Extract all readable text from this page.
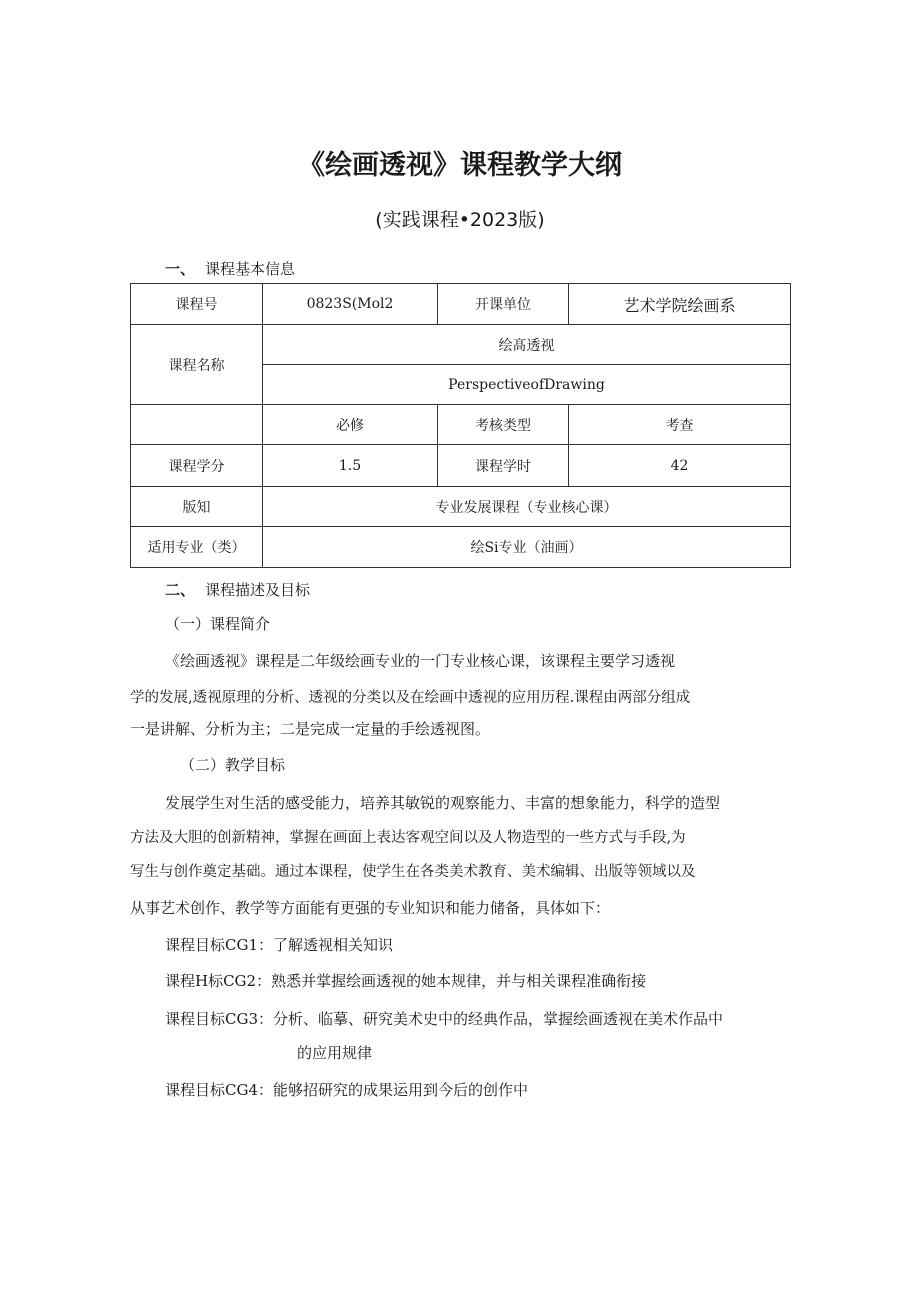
《绘画透视》课程教学大纲
(实践课程•2023版)
一、 课程基本信息
课程号	0823S(Mol2	开课单位	艺术学院绘画系
课程名称	绘髙透视		
	PerspectiveofDrawing		
	必修	考核类型	考查
课程学分	1.5	课程学时	42
版知	专业发展课程（专业核心课）		
适用专业（类）	绘Si专业（油画）		
二、 课程描述及目标
（一）课程简介
《绘画透视》课程是二年级绘画专业的一门专业核心课，该课程主要学习透视
学的发展,透视原理的分析、透视的分类以及在绘画中透视的应用历程.课程由两部分组成
一是讲解、分析为主；二是完成一定量的手绘透视图。
（二）教学目标
发展学生对生活的感受能力，培养其敏锐的观察能力、丰富的想象能力，科学的造型
方法及大胆的创新精神，掌握在画面上表达客观空间以及人物造型的一些方式与手段,为
写生与创作奠定基础。通过本课程，使学生在各类美术教育、美术编辑、出版等领域以及
从事艺术创作、教学等方面能有更强的专业知识和能力储备，具体如下：
课程目标CG1：了解透视相关知识
课程H标CG2：熟悉并掌握绘画透视的她本规律，并与相关课程准确衔接
课程目标CG3：分析、临摹、研究美术史中的经典作品，掌握绘画透视在美术作品中
的应用规律
课程目标CG4：能够招研究的成果运用到今后的创作中
